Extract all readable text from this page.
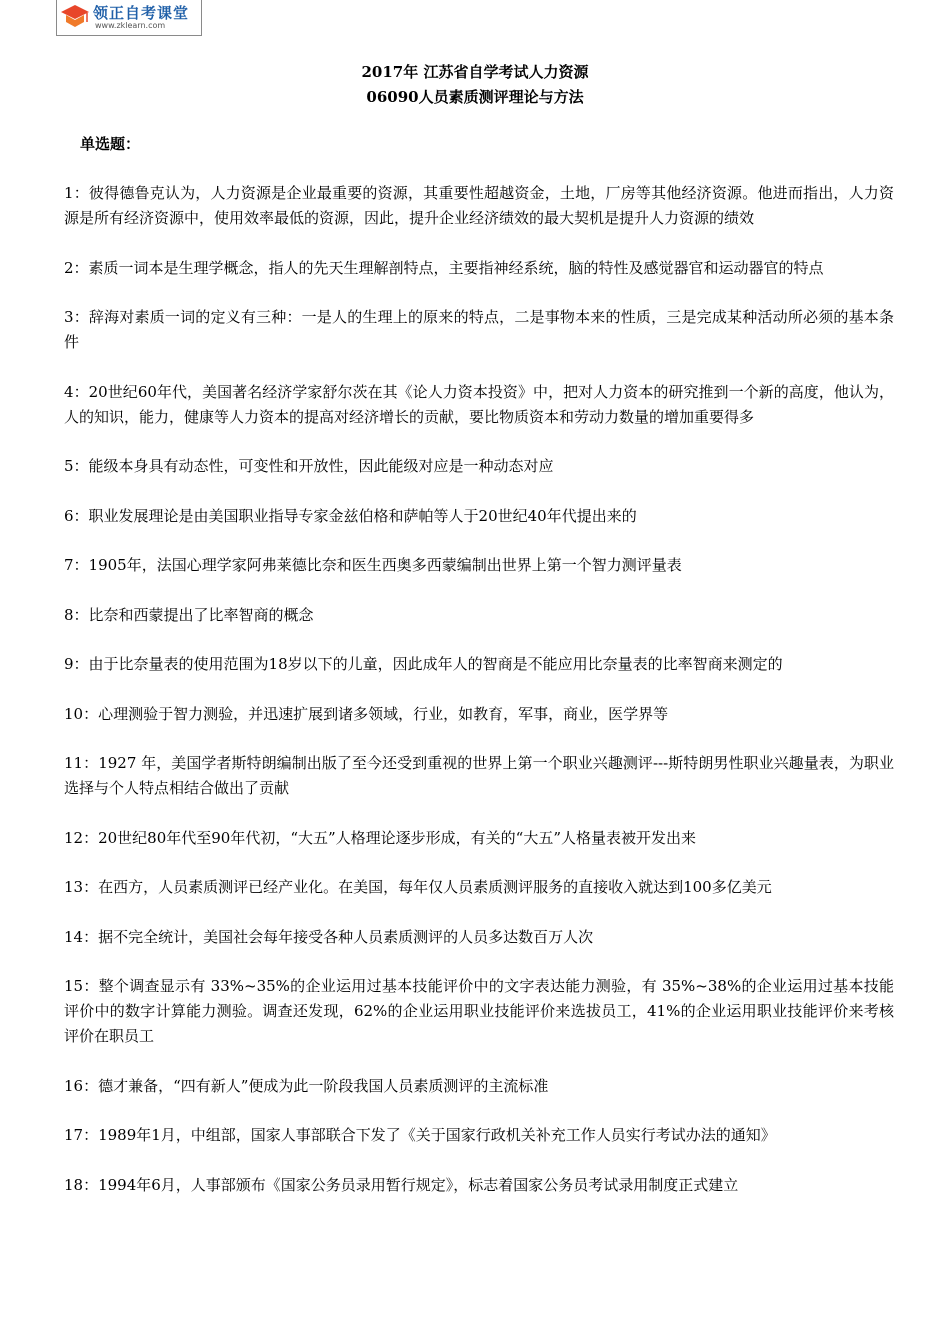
领正自考课堂
www.zklearn.com
2017年 江苏省自学考试人力资源
06090人员素质测评理论与方法
单选题：

1：彼得德鲁克认为，人力资源是企业最重要的资源，其重要性超越资金，土地，厂房等其他经济资源。他进而指出，人力资源是所有经济资源中，使用效率最低的资源，因此，提升企业经济绩效的最大契机是提升人力资源的绩效

2：素质一词本是生理学概念，指人的先天生理解剖特点，主要指神经系统，脑的特性及感觉器官和运动器官的特点

3：辞海对素质一词的定义有三种：一是人的生理上的原来的特点，二是事物本来的性质，三是完成某种活动所必须的基本条件

4：20世纪60年代，美国著名经济学家舒尔茨在其《论人力资本投资》中，把对人力资本的研究推到一个新的高度，他认为，人的知识，能力，健康等人力资本的提高对经济增长的贡献，要比物质资本和劳动力数量的增加重要得多

5：能级本身具有动态性，可变性和开放性，因此能级对应是一种动态对应

6：职业发展理论是由美国职业指导专家金兹伯格和萨帕等人于20世纪40年代提出来的

7：1905年，法国心理学家阿弗莱德比奈和医生西奥多西蒙编制出世界上第一个智力测评量表

8：比奈和西蒙提出了比率智商的概念

9：由于比奈量表的使用范围为18岁以下的儿童，因此成年人的智商是不能应用比奈量表的比率智商来测定的

10：心理测验于智力测验，并迅速扩展到诸多领域，行业，如教育，军事，商业，医学界等

11：1927 年，美国学者斯特朗编制出版了至今还受到重视的世界上第一个职业兴趣测评---斯特朗男性职业兴趣量表，为职业选择与个人特点相结合做出了贡献

12：20世纪80年代至90年代初，“大五”人格理论逐步形成，有关的“大五”人格量表被开发出来

13：在西方，人员素质测评已经产业化。在美国，每年仅人员素质测评服务的直接收入就达到100多亿美元

14：据不完全统计，美国社会每年接受各种人员素质测评的人员多达数百万人次

15：整个调查显示有 33%~35%的企业运用过基本技能评价中的文字表达能力测验，有 35%~38%的企业运用过基本技能评价中的数字计算能力测验。调查还发现，62%的企业运用职业技能评价来选拔员工，41%的企业运用职业技能评价来考核评价在职员工

16：德才兼备，“四有新人”便成为此一阶段我国人员素质测评的主流标准

17：1989年1月，中组部，国家人事部联合下发了《关于国家行政机关补充工作人员实行考试办法的通知》

18：1994年6月，人事部颁布《国家公务员录用暂行规定》，标志着国家公务员考试录用制度正式建立
